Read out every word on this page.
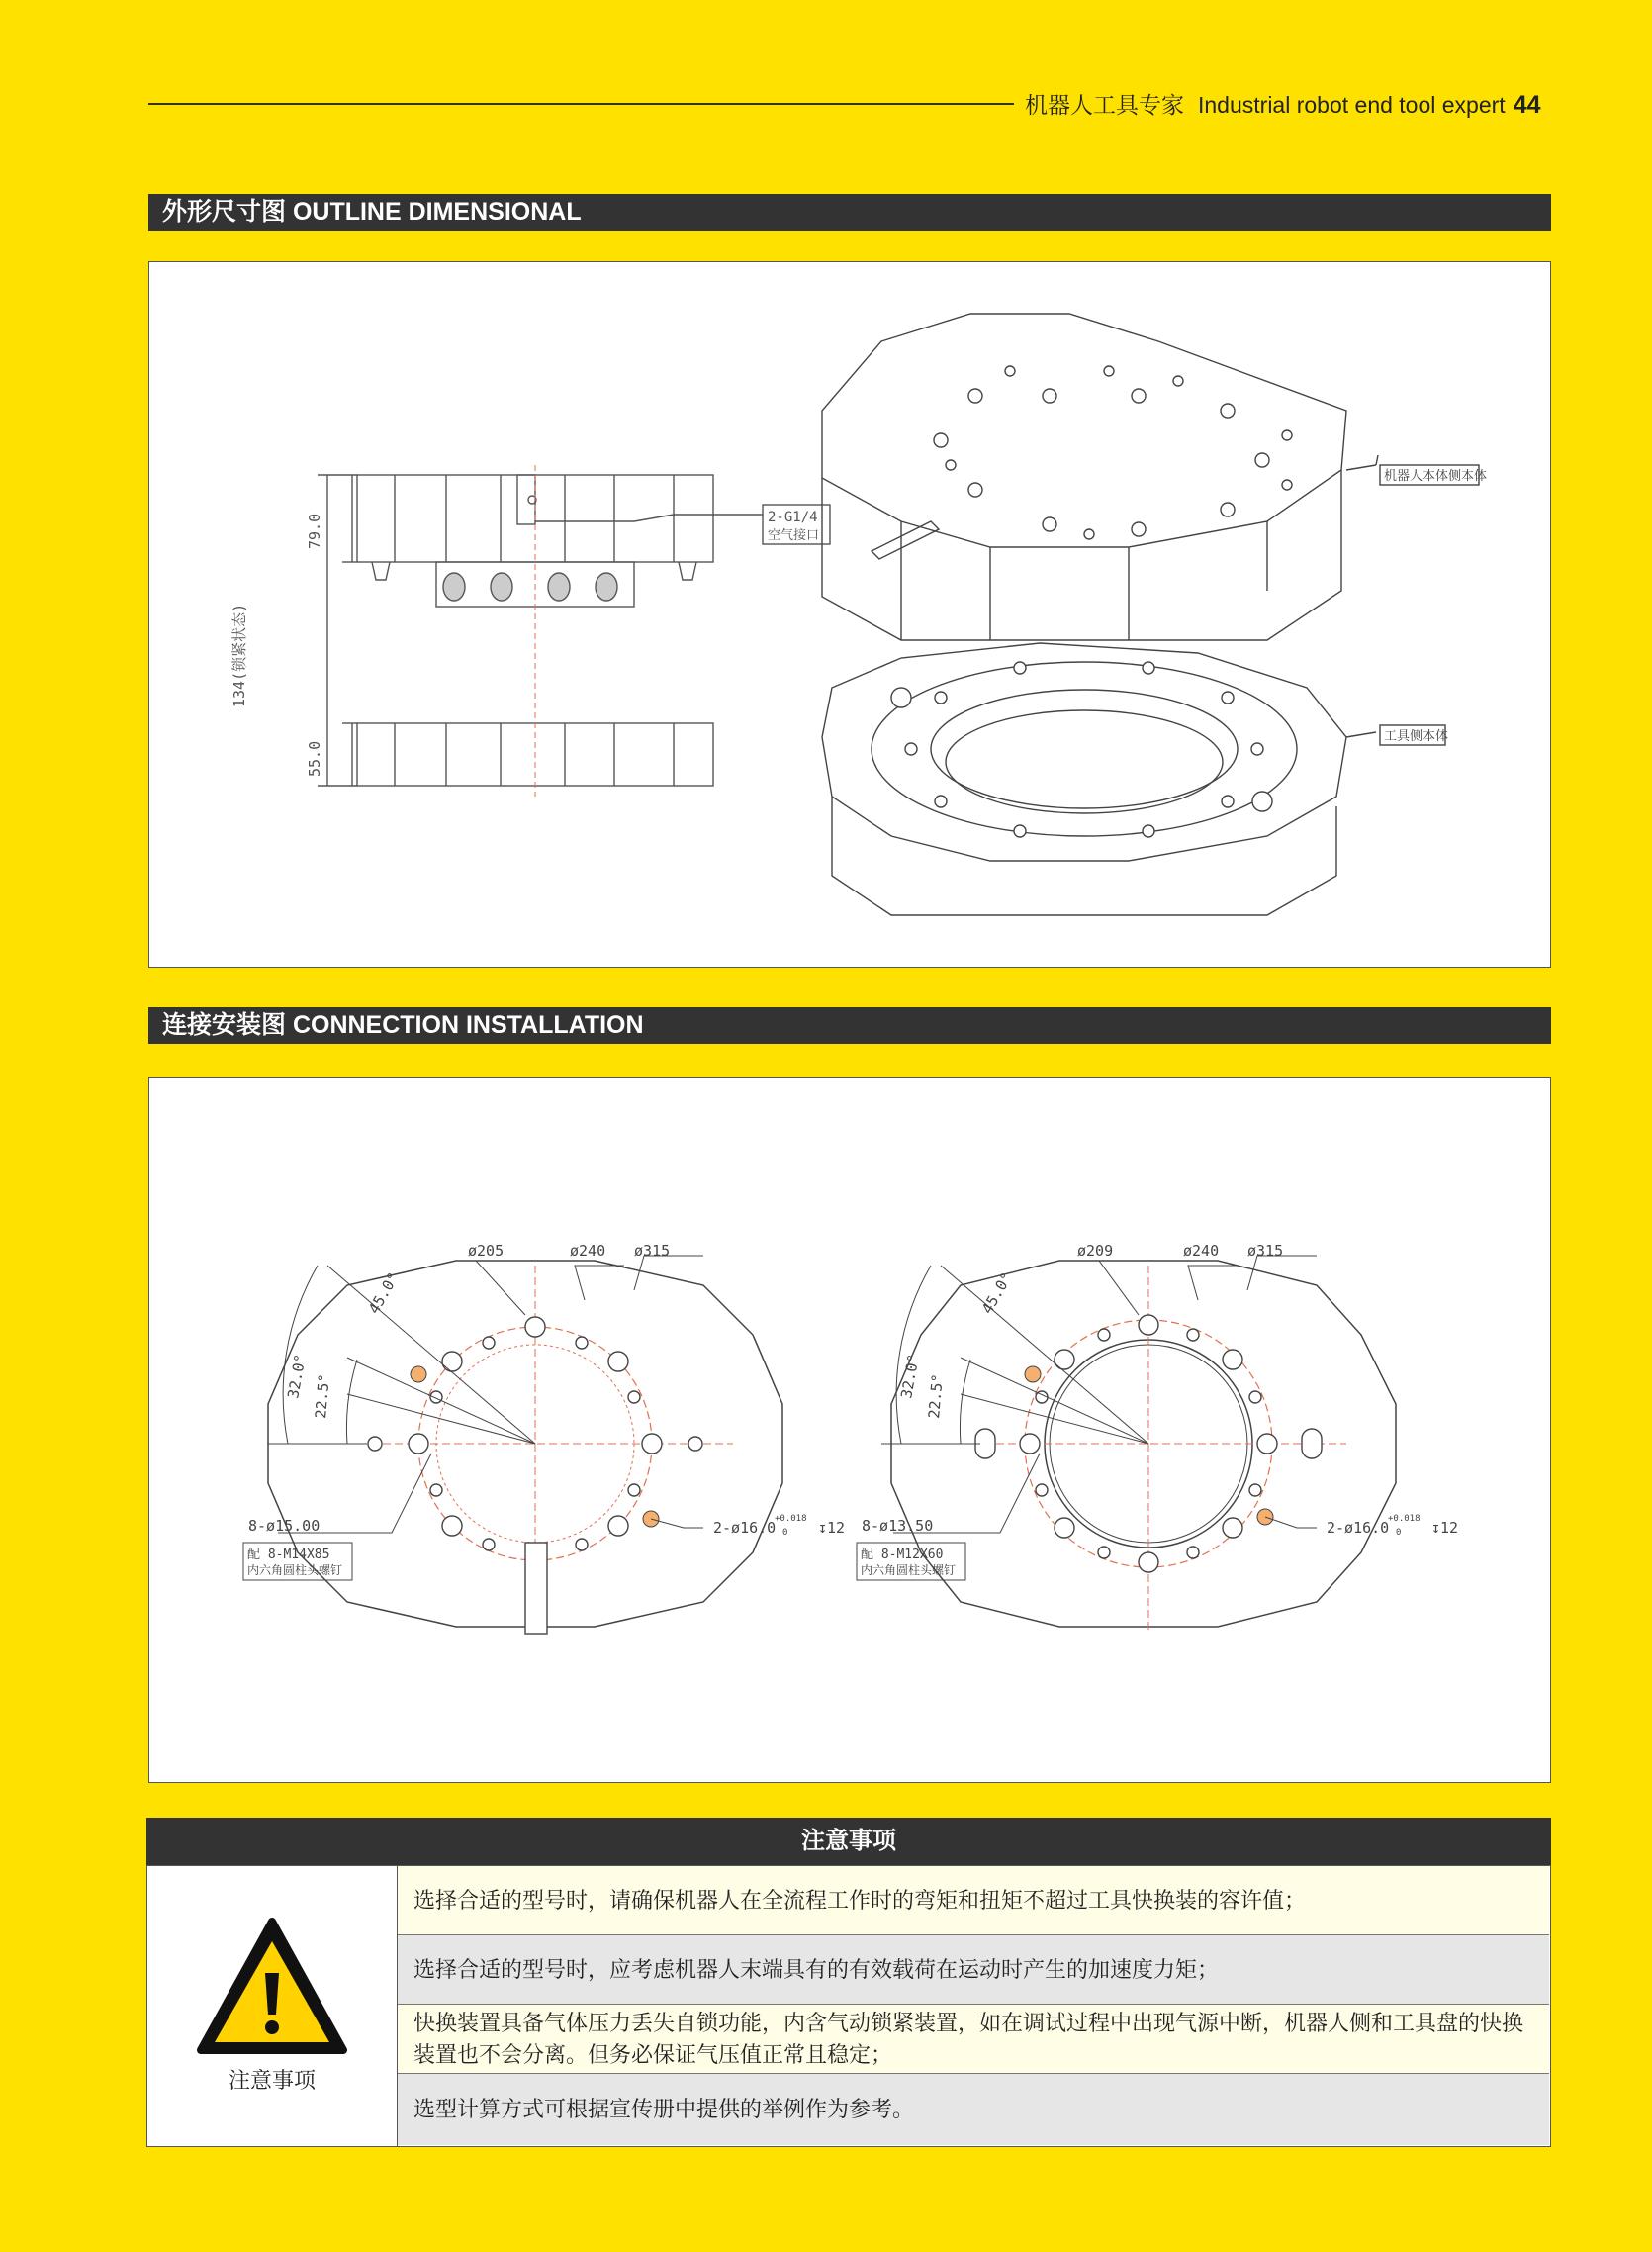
机器人工具专家 Industrial robot end tool expert 44
外形尺寸图 OUTLINE DIMENSIONAL
79.0
134(锁紧状态)
55.0
2-G1/4
空气接口
机器人本体侧本体
工具侧本体
连接安装图 CONNECTION INSTALLATION
ø205	ø240 ø315
45.0°
32.0° 22.5°
8-ø15.00
配 8-M14X85
内六角圆柱头螺钉
2-ø16.0
+0.018
0 ↧12
ø209	ø240 ø315
45.0°
32.0° 22.5°
8-ø13.50
配 8-M12X60
内六角圆柱头螺钉
2-ø16.0
+0.018
0 ↧12
注意事项
注意事项
选择合适的型号时，请确保机器人在全流程工作时的弯矩和扭矩不超过工具快换装的容许值；
选择合适的型号时，应考虑机器人末端具有的有效载荷在运动时产生的加速度力矩；
快换装置具备气体压力丢失自锁功能，内含气动锁紧装置，如在调试过程中出现气源中断，机器人侧和工具盘的快换装置也不会分离。但务必保证气压值正常且稳定；
选型计算方式可根据宣传册中提供的举例作为参考。
